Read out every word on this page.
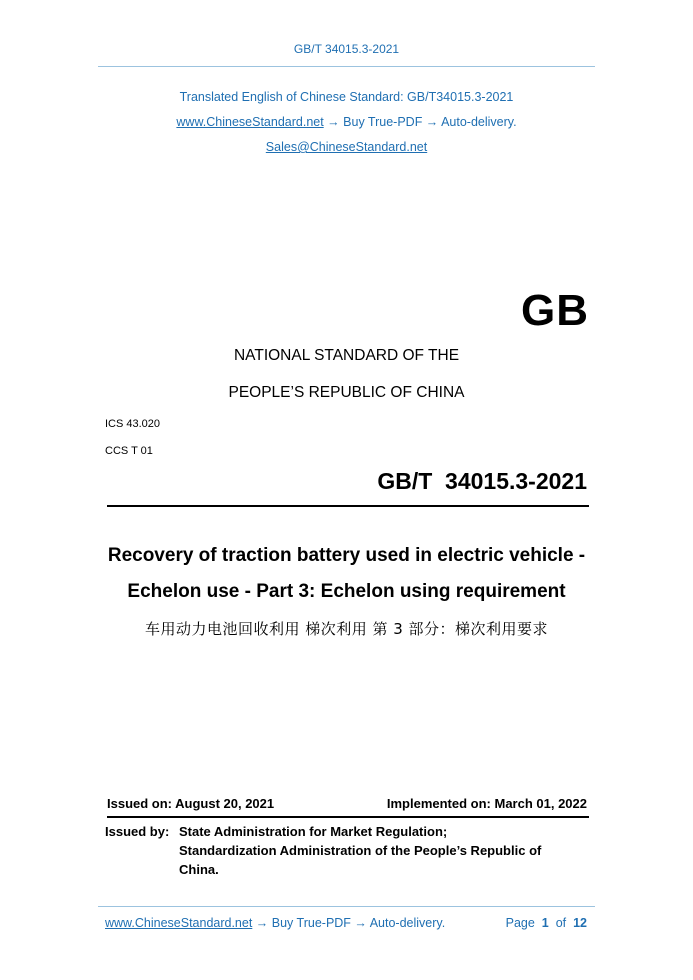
GB/T 34015.3-2021
Translated English of Chinese Standard: GB/T34015.3-2021
www.ChineseStandard.net → Buy True-PDF → Auto-delivery.
Sales@ChineseStandard.net
GB
NATIONAL STANDARD OF THE
PEOPLE’S REPUBLIC OF CHINA
ICS 43.020
CCS T 01
GB/T  34015.3-2021
Recovery of traction battery used in electric vehicle -
Echelon use - Part 3: Echelon using requirement
车用动力电池回收利用 梯次利用 第 3 部分：梯次利用要求
Issued on: August 20, 2021	Implemented on: March 01, 2022
Issued by: State Administration for Market Regulation;
Standardization Administration of the People’s Republic of
China.
www.ChineseStandard.net → Buy True-PDF → Auto-delivery.	Page 1 of 12
